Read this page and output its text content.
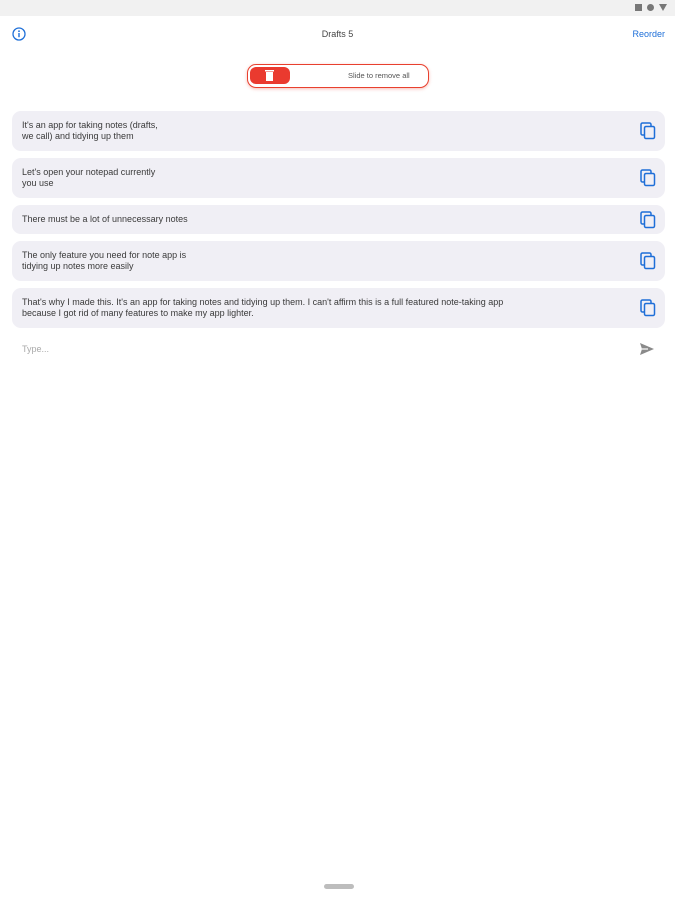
Drafts 5	Reorder
Slide to remove all
It's an app for taking notes (drafts,
we call) and tidying up them
Let's open your notepad currently
you use
There must be a lot of unnecessary notes
The only feature you need for note app is
tidying up notes more easily
That's why I made this. It's an app for taking notes and tidying up them. I can't affirm this is a full featured note-taking app
because I got rid of many features to make my app lighter.
Type...
